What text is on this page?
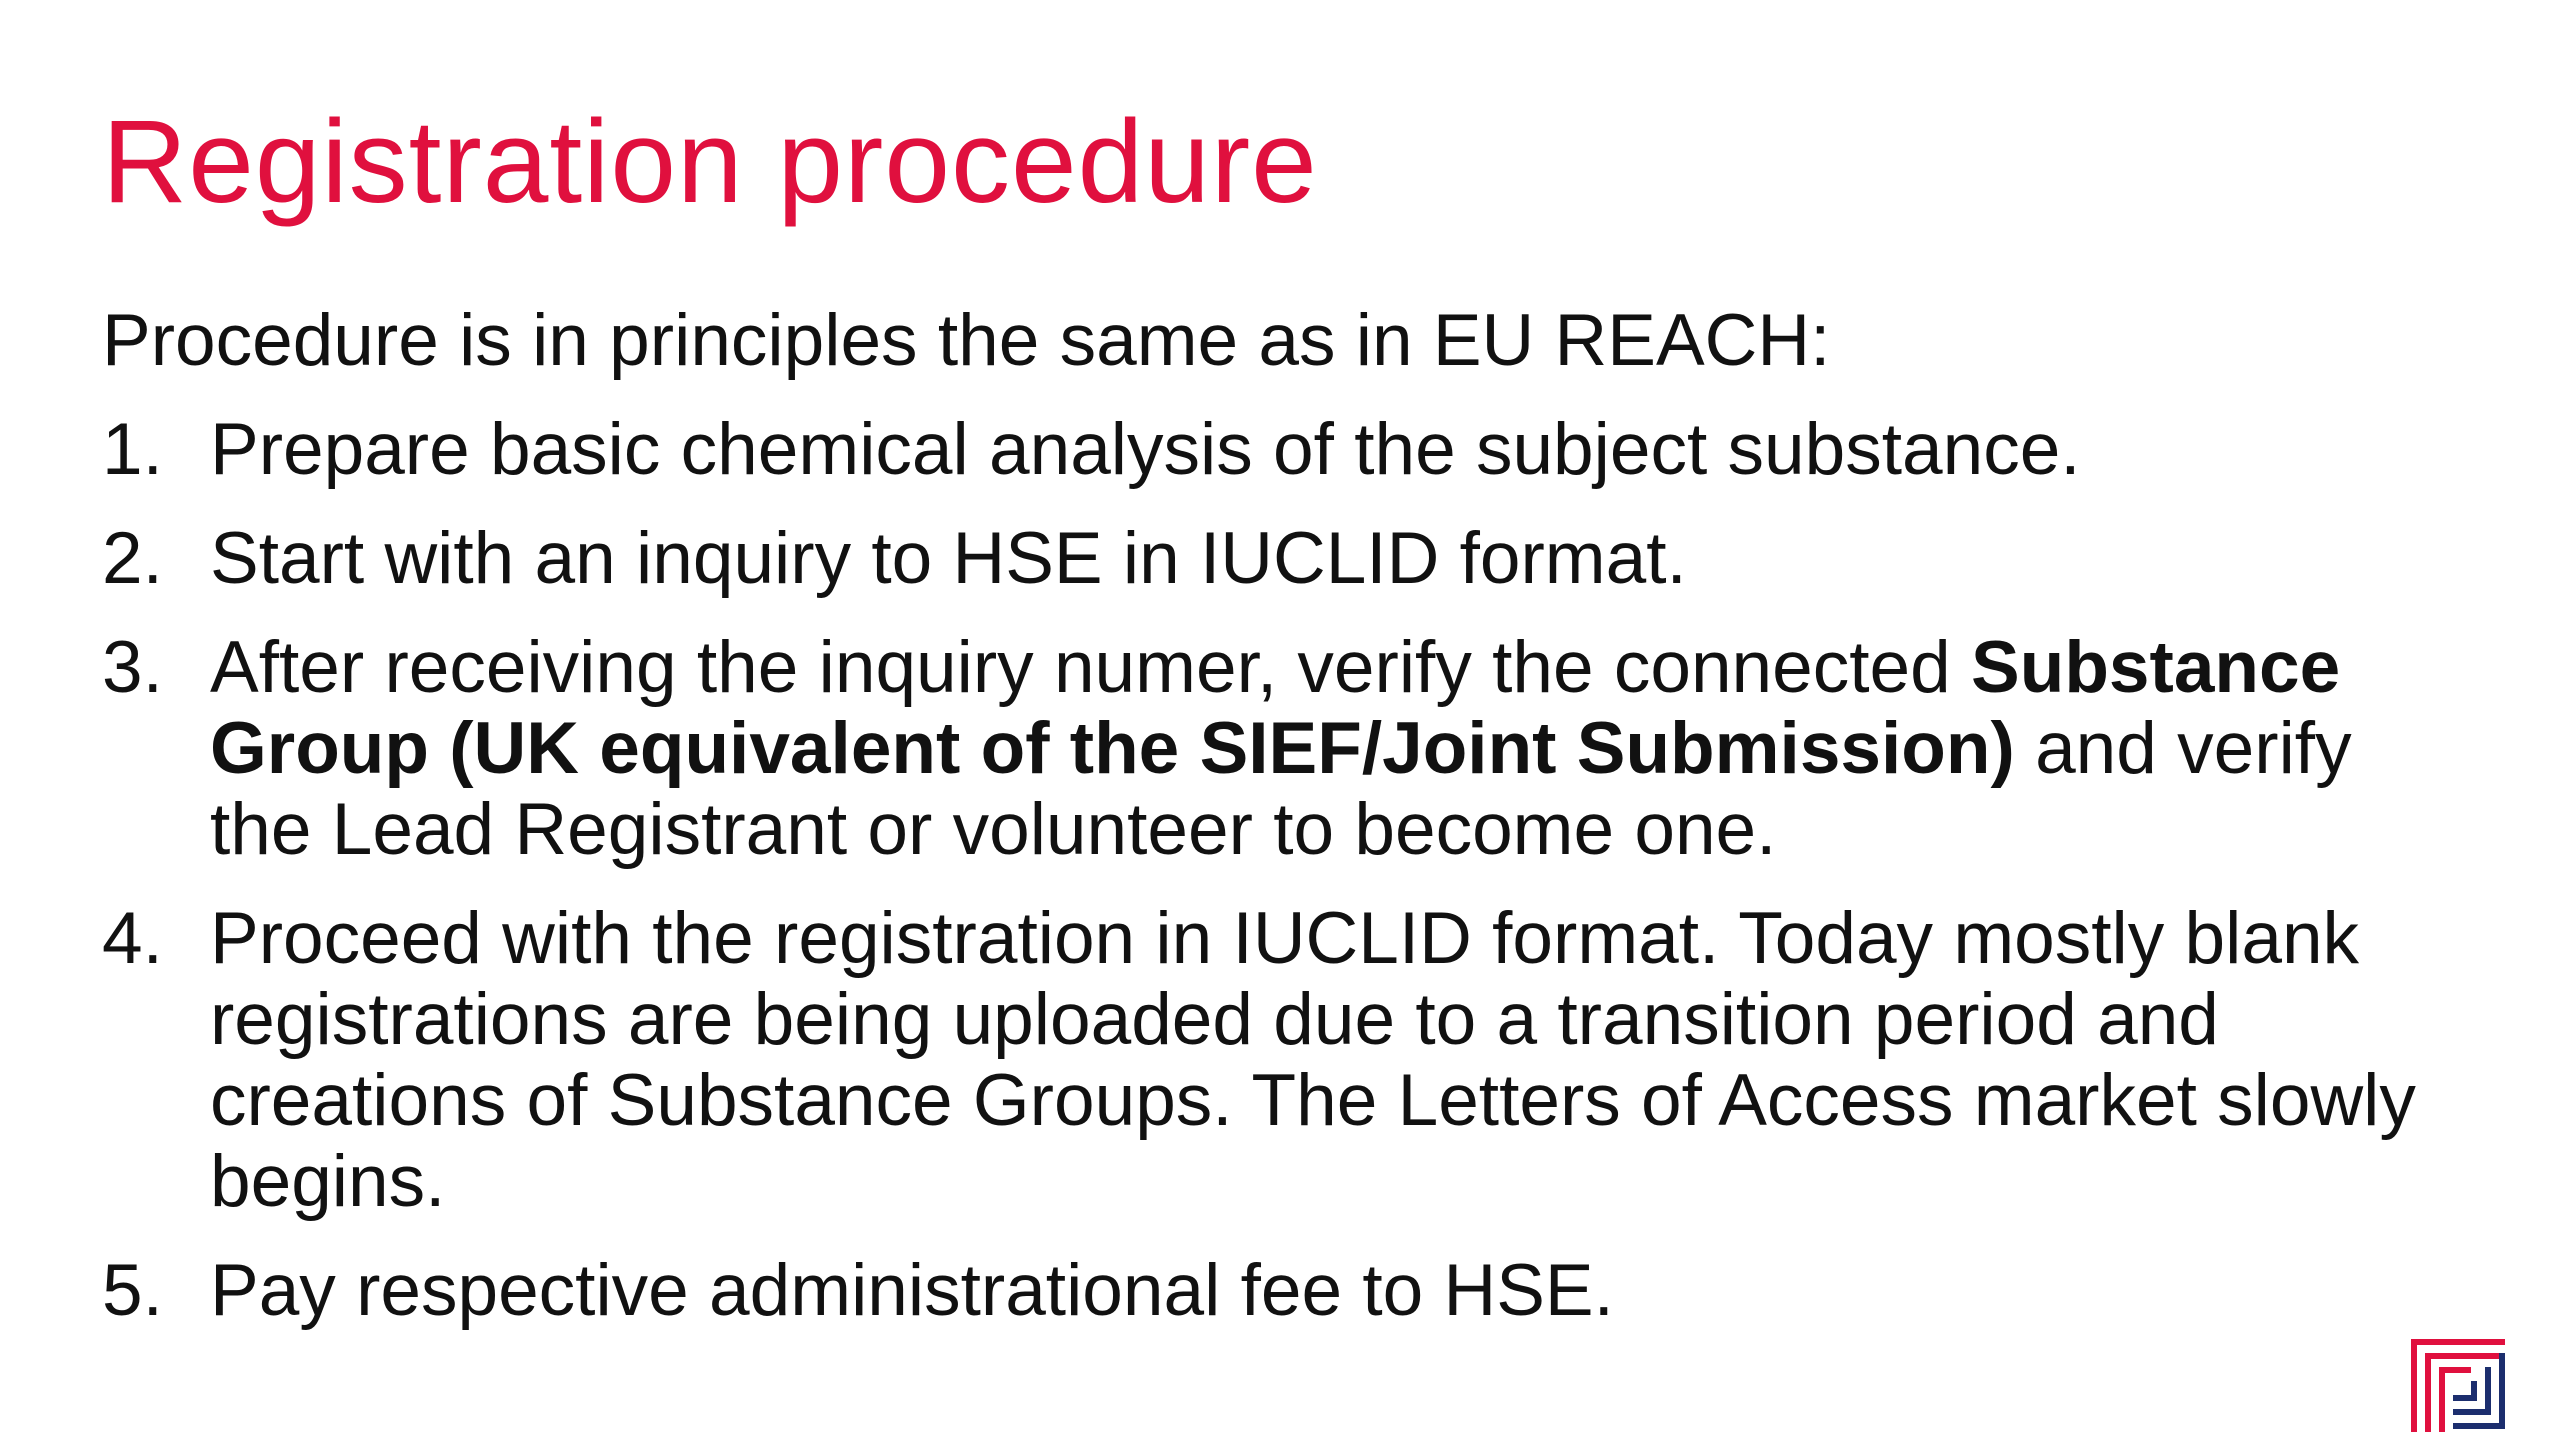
Registration procedure

Procedure is in principles the same as in EU REACH:

1. Prepare basic chemical analysis of the subject substance.
2. Start with an inquiry to HSE in IUCLID format.
3. After receiving the inquiry numer, verify the connected Substance Group (UK equivalent of the SIEF/Joint Submission) and verify the Lead Registrant or volunteer to become one.
4. Proceed with the registration in IUCLID format. Today mostly blank registrations are being uploaded due to a transition period and creations of Substance Groups. The Letters of Access market slowly begins.
5. Pay respective administrational fee to HSE.
